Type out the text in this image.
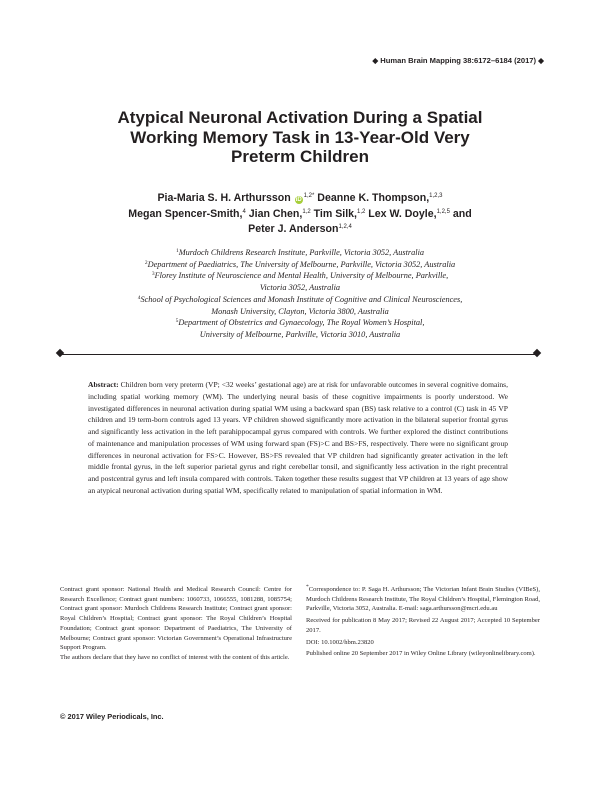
◆ Human Brain Mapping 38:6172–6184 (2017) ◆
Atypical Neuronal Activation During a Spatial
Working Memory Task in 13-Year-Old Very
Preterm Children
Pia-Maria S. H. Arthursson $iD^{1,2*}$ Deanne K. Thompson,$^{1,2,3}$
Megan Spencer-Smith,$^4$ Jian Chen,$^{1,2}$ Tim Silk,$^{1,2}$ Lex W. Doyle,$^{1,2,5}$ and
Peter J. Anderson$^{1,2,4}$
$^1$Murdoch Childrens Research Institute, Parkville, Victoria 3052, Australia
$^2$Department of Paediatrics, The University of Melbourne, Parkville, Victoria 3052, Australia
$^3$Florey Institute of Neuroscience and Mental Health, University of Melbourne, Parkville,
Victoria 3052, Australia
$^4$School of Psychological Sciences and Monash Institute of Cognitive and Clinical Neurosciences,
Monash University, Clayton, Victoria 3800, Australia
$^5$Department of Obstetrics and Gynaecology, The Royal Women’s Hospital,
University of Melbourne, Parkville, Victoria 3010, Australia

Abstract: Children born very preterm (VP; <32 weeks’ gestational age) are at risk for unfavorable outcomes in several cognitive domains, including spatial working memory (WM). The underlying neural basis of these cognitive impairments is poorly understood. We investigated differences in neuronal activation during spatial WM using a backward span (BS) task relative to a control (C) task in 45 VP children and 19 term-born controls aged 13 years. VP children showed significantly more activation in the bilateral superior frontal gyrus and significantly less activation in the left parahippocampal gyrus compared with controls. We further explored the distinct contributions of maintenance and manipulation processes of WM using forward span (FS)>C and BS>FS, respectively. There were no significant group differences in neuronal activation for FS>C. However, BS>FS revealed that VP children had significantly greater activation in the left middle frontal gyrus, in the left superior parietal gyrus and right cerebellar tonsil, and significantly less activation in the right precentral and postcentral gyrus and left insula compared with controls. Taken together these results suggest that VP children at 13 years of age show an atypical neuronal activation during spatial WM, specifically related to manipulation of spatial information in WM.

Contract grant sponsor: National Health and Medical Research Council: Centre for Research Excellence; Contract grant numbers: 1060733, 1066555, 1081288, 1085754; Contract grant sponsor: Murdoch Childrens Research Institute; Contract grant sponsor: Royal Children’s Hospital; Contract grant sponsor: The Royal Children’s Hospital Foundation; Contract grant sponsor: Department of Paediatrics, The University of Melbourne; Contract grant sponsor: Victorian Government’s Operational Infrastructure Support Program.

The authors declare that they have no conflict of interest with the content of this article.

*Correspondence to: P. Saga H. Arthursson; The Victorian Infant Brain Studies (VIBeS), Murdoch Childrens Research Institute, The Royal Children’s Hospital, Flemington Road, Parkville, Victoria 3052, Australia. E-mail: saga.arthursson@mcri.edu.au

Received for publication 8 May 2017; Revised 22 August 2017; Accepted 10 September 2017.

DOI: 10.1002/hbm.23820

Published online 20 September 2017 in Wiley Online Library (wileyonlinelibrary.com).

© 2017 Wiley Periodicals, Inc.
